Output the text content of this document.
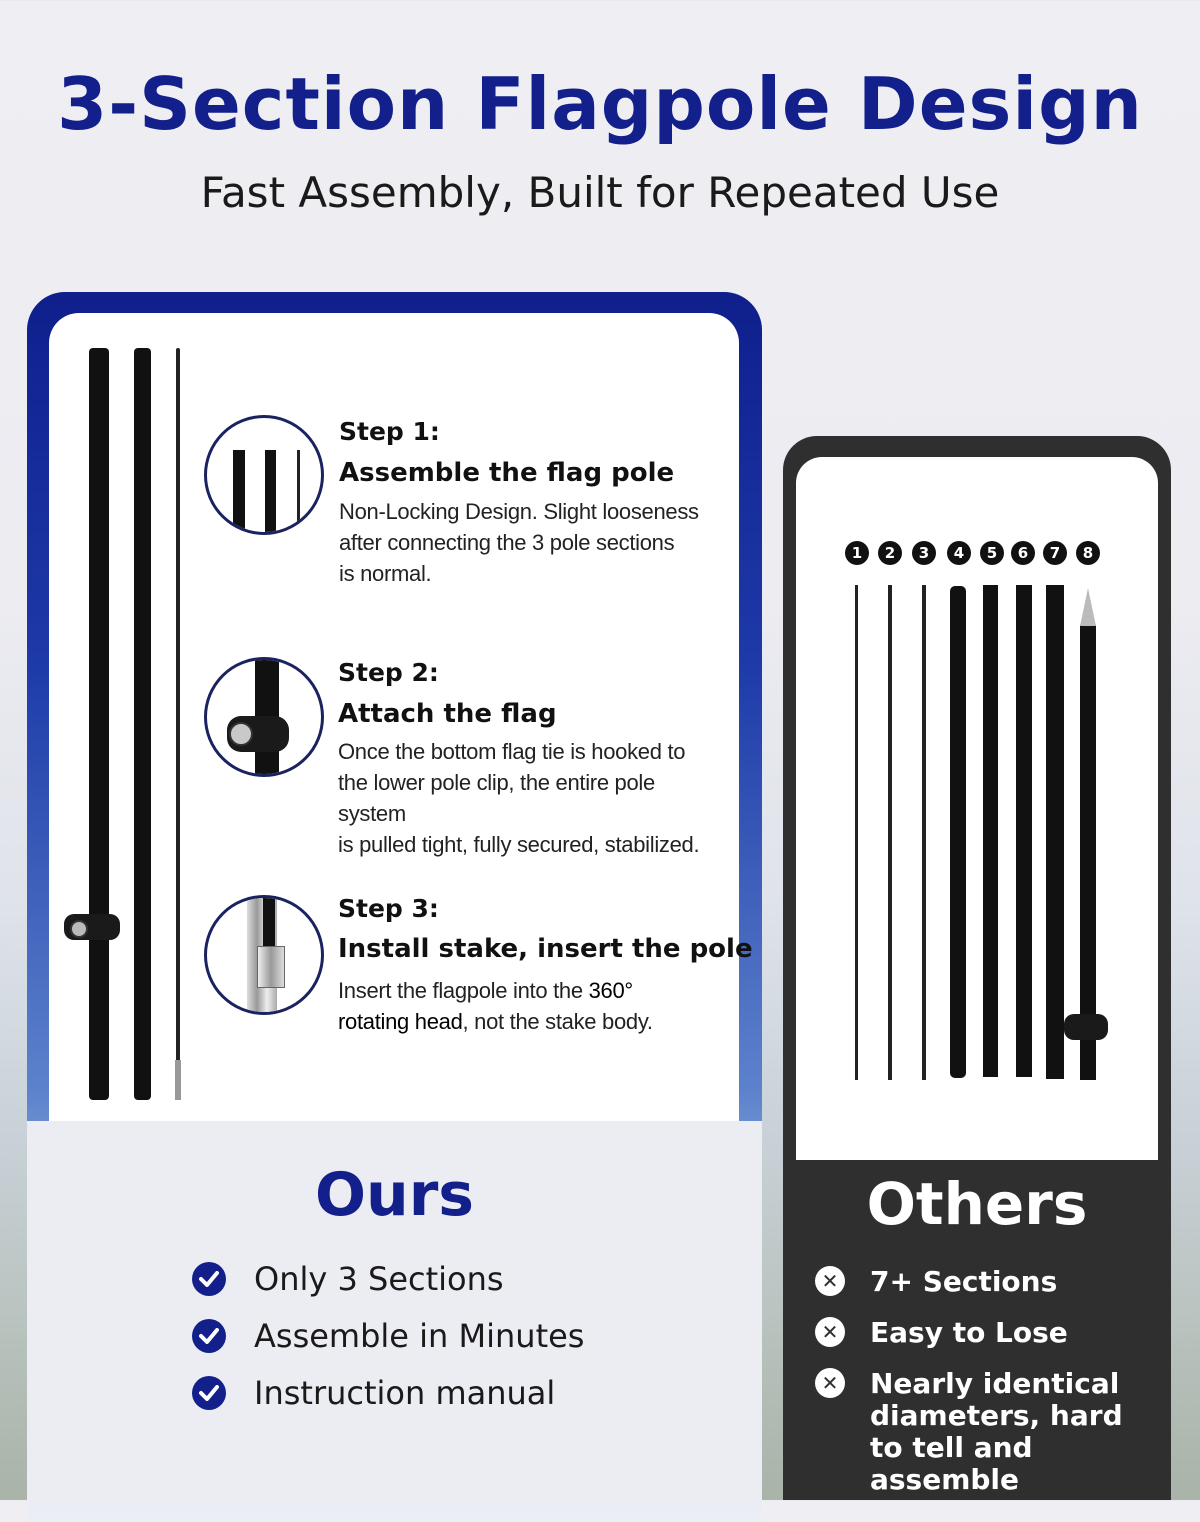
3-Section Flagpole Design

Fast Assembly, Built for Repeated Use

Step 1:
Assemble the flag pole
Non-Locking Design. Slight looseness
after connecting the 3 pole sections
is normal.
Step 2:
Attach the flag
Once the bottom flag tie is hooked to
the lower pole clip, the entire pole system
is pulled tight, fully secured, stabilized.
Step 3:
Install stake, insert the pole
Insert the flagpole into the 360°
rotating head, not the stake body.
Ours
Only 3 Sections
Assemble in Minutes
Instruction manual
1	2	3	4	5	6	7	8
Others
✕ 7+ Sections
✕ Easy to Lose
✕ Nearly identical diameters, hard to tell and assemble
